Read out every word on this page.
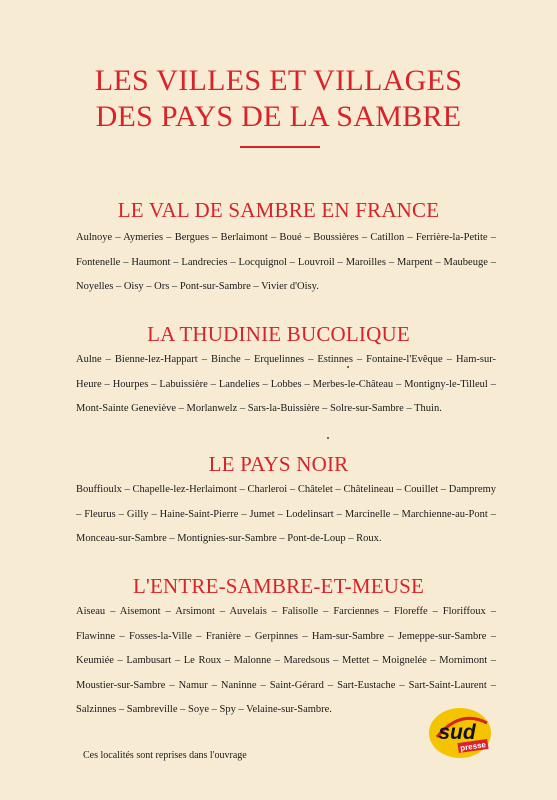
LES VILLES ET VILLAGES
DES PAYS DE LA SAMBRE
LE VAL DE SAMBRE EN FRANCE

Aulnoye – Aymeries – Bergues – Berlaimont – Boué – Boussières – Catillon – Ferrière-la-Petite – Fontenelle – Haumont – Landrecies – Locquignol – Louvroil – Maroilles – Marpent – Maubeuge – Noyelles – Oisy – Ors – Pont-sur-Sambre – Vivier d'Oisy.

LA THUDINIE BUCOLIQUE

Aulne – Bienne-lez-Happart – Binche – Erquelinnes – Estinnes – Fontaine-l'Evêque – Ham-sur-Heure – Hourpes – Labuissière – Landelies – Lobbes – Merbes-le-Château – Montigny-le-Tilleul – Mont-Sainte Geneviève – Morlanwelz – Sars-la-Buissière – Solre-sur-Sambre – Thuin.

LE PAYS NOIR

Bouffioulx – Chapelle-lez-Herlaimont – Charleroi – Châtelet – Châtelineau – Couillet – Dampremy – Fleurus – Gilly – Haine-Saint-Pierre – Jumet – Lodelinsart – Marcinelle – Marchienne-au-Pont – Monceau-sur-Sambre – Montignies-sur-Sambre – Pont-de-Loup – Roux.

L'ENTRE-SAMBRE-ET-MEUSE

Aiseau – Aisemont – Arsimont – Auvelais – Falisolle – Farciennes – Floreffe – Floriffoux – Flawinne – Fosses-la-Ville – Franière – Gerpinnes – Ham-sur-Sambre – Jemeppe-sur-Sambre – Keumiée – Lambusart – Le Roux – Malonne – Maredsous – Mettet – Moignelée – Mornimont – Moustier-sur-Sambre – Namur – Naninne – Saint-Gérard – Sart-Eustache – Sart-Saint-Laurent – Salzinnes – Sambreville – Soye – Spy – Velaine-sur-Sambre.

Ces localités sont reprises dans l'ouvrage

sud
presse
